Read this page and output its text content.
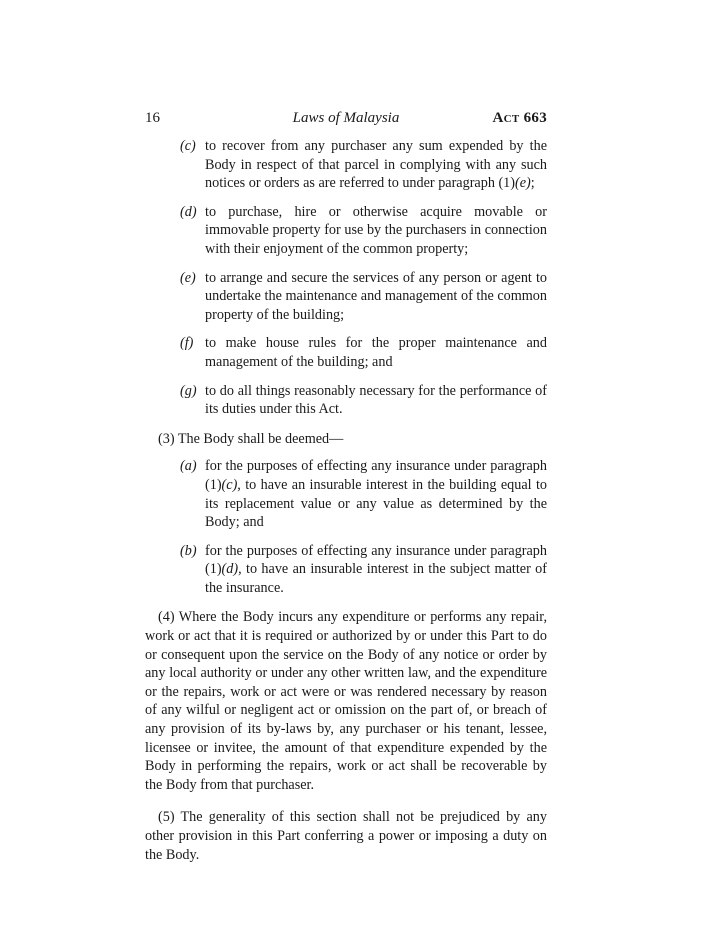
16	Laws of Malaysia	Act 663
(c) to recover from any purchaser any sum expended by the Body in respect of that parcel in complying with any such notices or orders as are referred to under paragraph (1)(e);
(d) to purchase, hire or otherwise acquire movable or immovable property for use by the purchasers in connection with their enjoyment of the common property;
(e) to arrange and secure the services of any person or agent to undertake the maintenance and management of the common property of the building;
(f) to make house rules for the proper maintenance and management of the building; and
(g) to do all things reasonably necessary for the performance of its duties under this Act.
(3) The Body shall be deemed—
(a) for the purposes of effecting any insurance under paragraph (1)(c), to have an insurable interest in the building equal to its replacement value or any value as determined by the Body; and
(b) for the purposes of effecting any insurance under paragraph (1)(d), to have an insurable interest in the subject matter of the insurance.

(4) Where the Body incurs any expenditure or performs any repair, work or act that it is required or authorized by or under this Part to do or consequent upon the service on the Body of any notice or order by any local authority or under any other written law, and the expenditure or the repairs, work or act were or was rendered necessary by reason of any wilful or negligent act or omission on the part of, or breach of any provision of its by-laws by, any purchaser or his tenant, lessee, licensee or invitee, the amount of that expenditure expended by the Body in performing the repairs, work or act shall be recoverable by the Body from that purchaser.

(5) The generality of this section shall not be prejudiced by any other provision in this Part conferring a power or imposing a duty on the Body.
